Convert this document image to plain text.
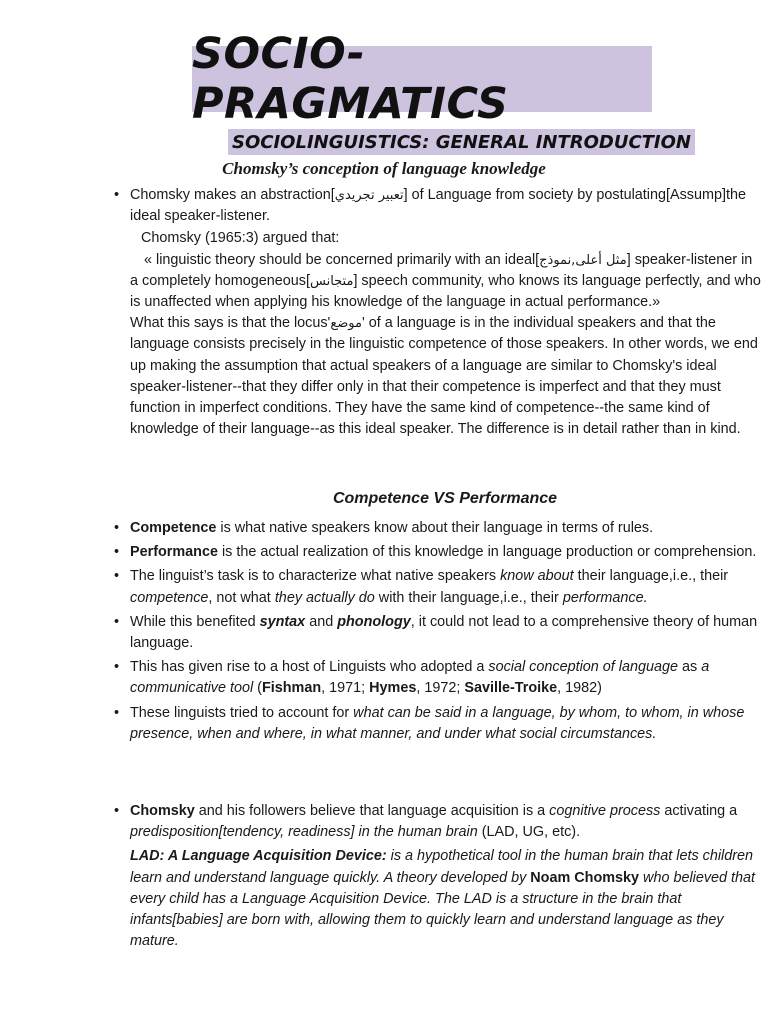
SOCIO-PRAGMATICS
SOCIOLINGUISTICS: GENERAL INTRODUCTION
Chomsky’s conception of language knowledge
• Chomsky makes an abstraction[تعبير تجريدي] of Language from society by postulating[Assump]the ideal speaker-listener.
Chomsky (1965:3) argued that:
« linguistic theory should be concerned primarily with an ideal[مثل أعلى,نموذج] speaker-listener in a completely homogeneous[متجانس] speech community, who knows its language perfectly, and who is unaffected when applying his knowledge of the language in actual performance.»
What this says is that the locus'موضع' of a language is in the individual speakers and that the language consists precisely in the linguistic competence of those speakers. In other words, we end up making the assumption that actual speakers of a language are similar to Chomsky's ideal speaker-listener--that they differ only in that their competence is imperfect and that they must function in imperfect conditions. They have the same kind of competence--the same kind of knowledge of their language--as this ideal speaker. The difference is in detail rather than in kind.
Competence VS Performance
• Competence is what native speakers know about their language in terms of rules.
• Performance is the actual realization of this knowledge in language production or comprehension.
• The linguist’s task is to characterize what native speakers know about their language,i.e., their competence, not what they actually do with their language,i.e., their performance.
• While this benefited syntax and phonology, it could not lead to a comprehensive theory of human language.
• This has given rise to a host of Linguists who adopted a social conception of language as a communicative tool (Fishman, 1971; Hymes, 1972; Saville-Troike, 1982)
• These linguists tried to account for what can be said in a language, by whom, to whom, in whose presence, when and where, in what manner, and under what social circumstances.
• Chomsky and his followers believe that language acquisition is a cognitive process activating a predisposition[tendency, readiness] in the human brain (LAD, UG, etc).
LAD: A Language Acquisition Device: is a hypothetical tool in the human brain that lets children learn and understand language quickly. A theory developed by Noam Chomsky who believed that every child has a Language Acquisition Device. The LAD is a structure in the brain that infants[babies] are born with, allowing them to quickly learn and understand language as they mature.
